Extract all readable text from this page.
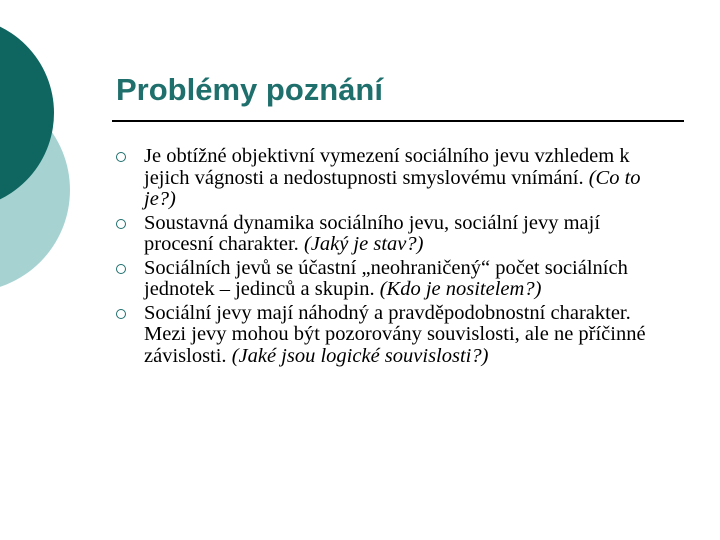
Problémy poznání
Je obtížné objektivní vymezení sociálního jevu vzhledem k jejich vágnosti a nedostupnosti smyslovému vnímání. (Co to je?)
Soustavná dynamika sociálního jevu, sociální jevy mají procesní charakter. (Jaký je stav?)
Sociálních jevů se účastní „neohraničený“ počet sociálních jednotek – jedinců a skupin. (Kdo je nositelem?)
Sociální jevy mají náhodný a pravděpodobnostní charakter. Mezi jevy mohou být pozorovány souvislosti, ale ne příčinné závislosti. (Jaké jsou logické souvislosti?)
